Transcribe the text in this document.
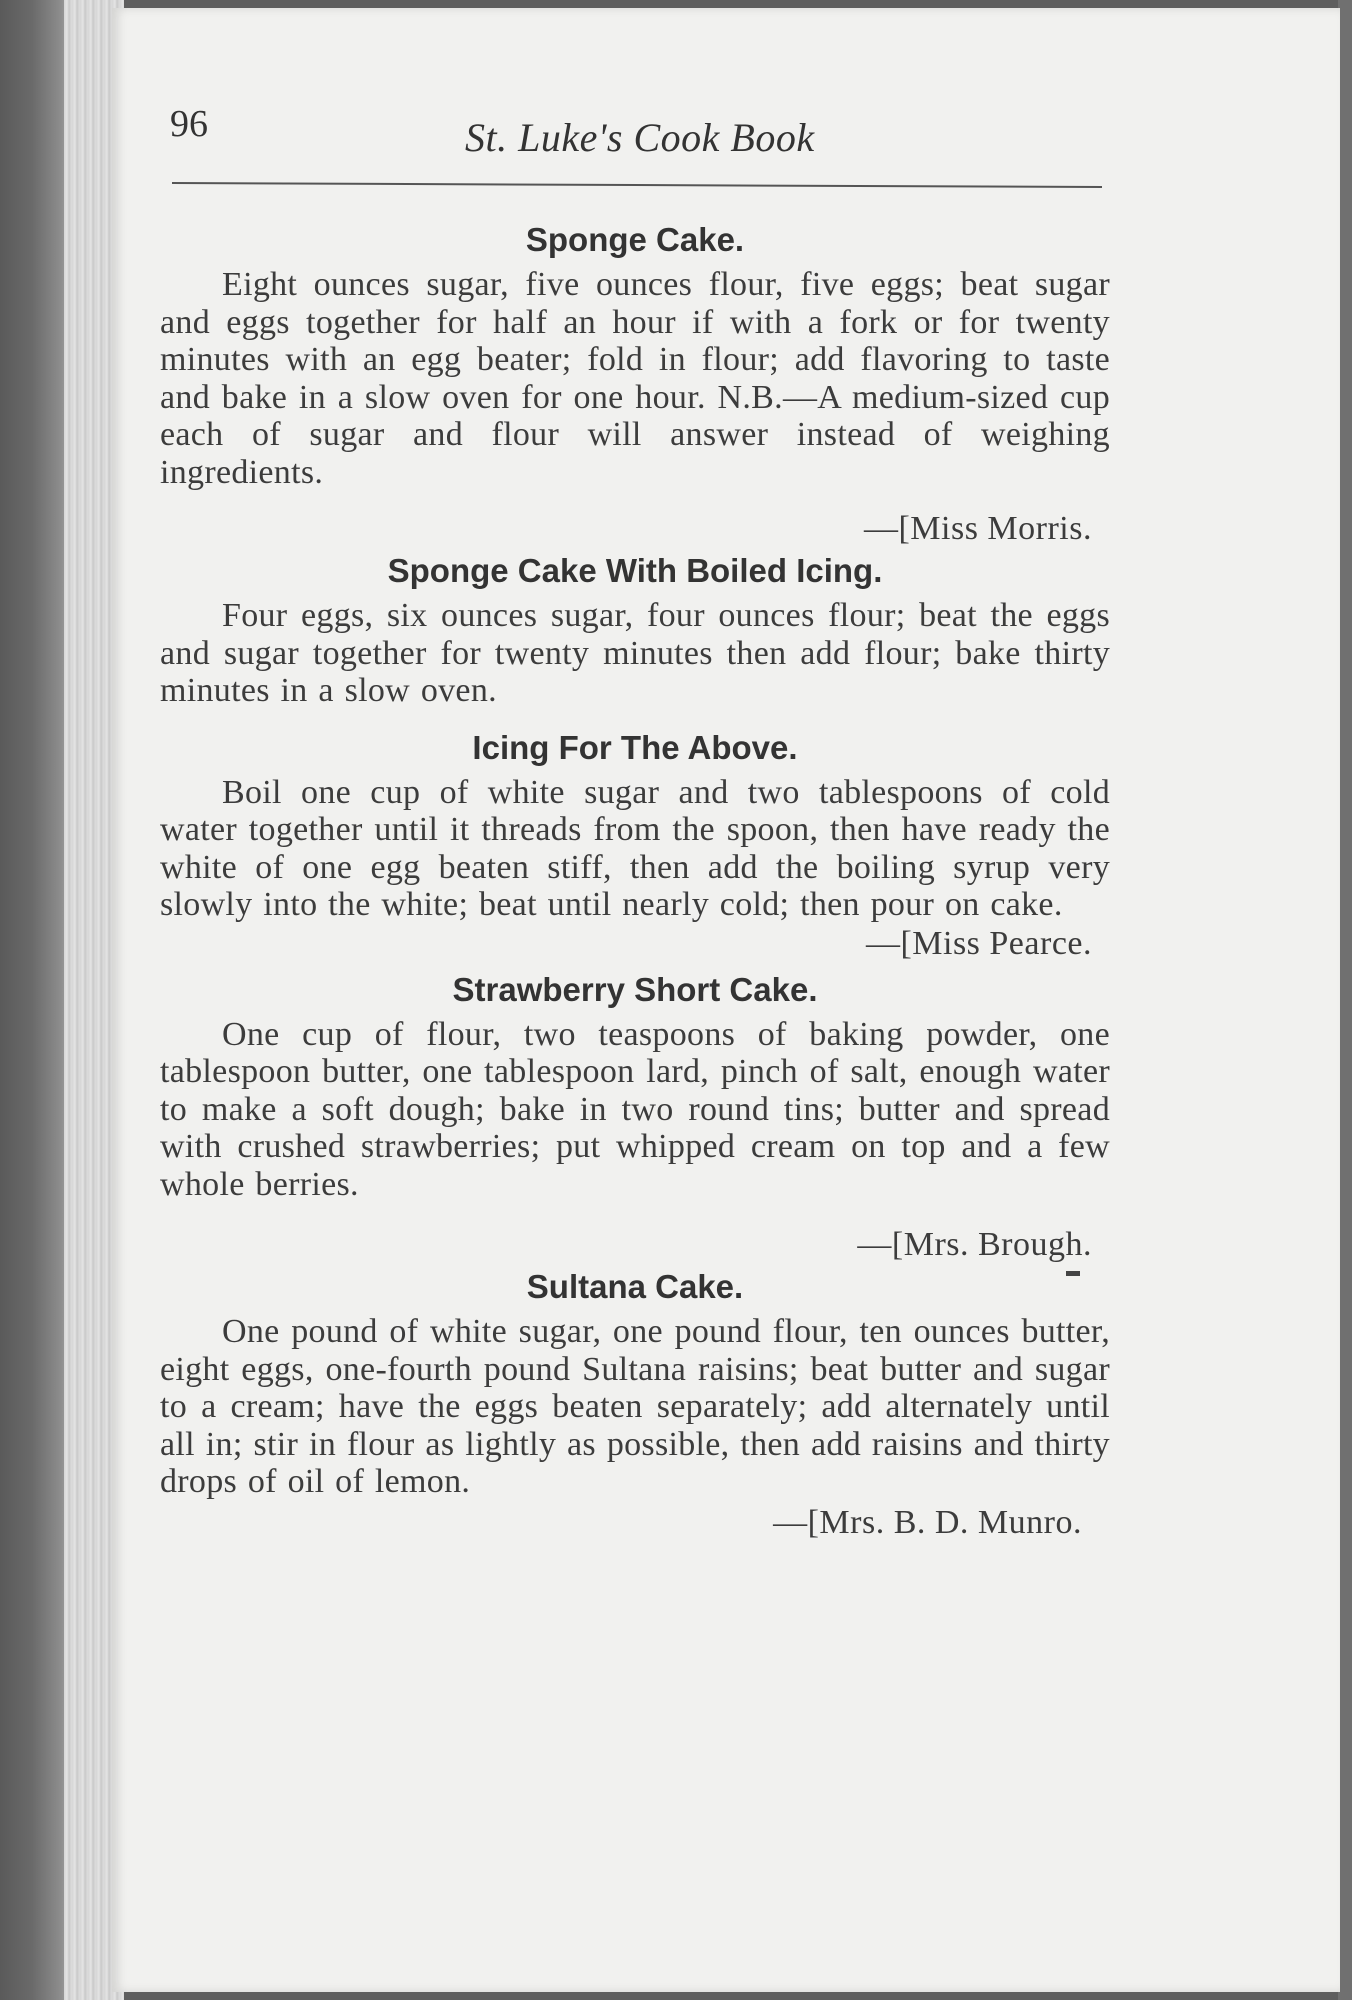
96	St. Luke's Cook Book
Sponge Cake.

Eight ounces sugar, five ounces flour, five eggs; beat sugar and eggs together for half an hour if with a fork or for twenty minutes with an egg beater; fold in flour; add flavoring to taste and bake in a slow oven for one hour. N.B.—A medium-sized cup each of sugar and flour will answer instead of weighing ingredients.

—[Miss Morris.

Sponge Cake With Boiled Icing.

Four eggs, six ounces sugar, four ounces flour; beat the eggs and sugar together for twenty minutes then add flour; bake thirty minutes in a slow oven.

Icing For The Above.

Boil one cup of white sugar and two tablespoons of cold water together until it threads from the spoon, then have ready the white of one egg beaten stiff, then add the boiling syrup very slowly into the white; beat until nearly cold; then pour on cake.

—[Miss Pearce.

Strawberry Short Cake.

One cup of flour, two teaspoons of baking powder, one tablespoon butter, one tablespoon lard, pinch of salt, enough water to make a soft dough; bake in two round tins; butter and spread with crushed strawberries; put whipped cream on top and a few whole berries.

—[Mrs. Brough.

Sultana Cake.

One pound of white sugar, one pound flour, ten ounces butter, eight eggs, one-fourth pound Sultana raisins; beat butter and sugar to a cream; have the eggs beaten separately; add alternately until all in; stir in flour as lightly as possible, then add raisins and thirty drops of oil of lemon.

—[Mrs. B. D. Munro.
